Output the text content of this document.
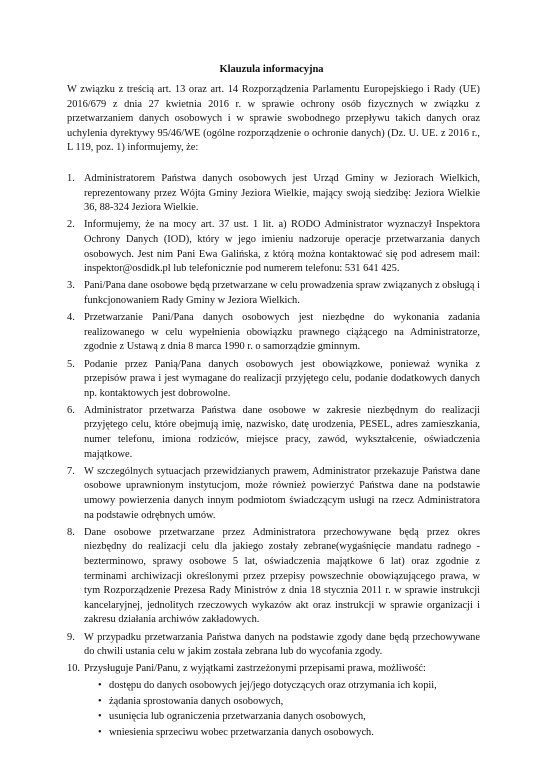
Klauzula informacyjna
W związku z treścią art. 13 oraz art. 14 Rozporządzenia Parlamentu Europejskiego i Rady (UE) 2016/679 z dnia 27 kwietnia 2016 r. w sprawie ochrony osób fizycznych w związku z przetwarzaniem danych osobowych i w sprawie swobodnego przepływu takich danych oraz uchylenia dyrektywy 95/46/WE (ogólne rozporządzenie o ochronie danych) (Dz. U. UE. z 2016 r., L 119, poz. 1) informujemy, że:
1. Administratorem Państwa danych osobowych jest Urząd Gminy w Jeziorach Wielkich, reprezentowany przez Wójta Gminy Jeziora Wielkie, mający swoją siedzibę: Jeziora Wielkie 36, 88-324 Jeziora Wielkie.
2. Informujemy, że na mocy art. 37 ust. 1 lit. a) RODO Administrator wyznaczył Inspektora Ochrony Danych (IOD), który w jego imieniu nadzoruje operacje przetwarzania danych osobowych. Jest nim Pani Ewa Galińska, z którą można kontaktować się pod adresem mail: inspektor@osdidk.pl lub telefonicznie pod numerem telefonu: 531 641 425.
3. Pani/Pana dane osobowe będą przetwarzane w celu prowadzenia spraw związanych z obsługą i funkcjonowaniem Rady Gminy w Jeziora Wielkich.
4. Przetwarzanie Pani/Pana danych osobowych jest niezbędne do wykonania zadania realizowanego w celu wypełnienia obowiązku prawnego ciążącego na Administratorze, zgodnie z Ustawą z dnia 8 marca 1990 r. o samorządzie gminnym.
5. Podanie przez Panią/Pana danych osobowych jest obowiązkowe, ponieważ wynika z przepisów prawa i jest wymagane do realizacji przyjętego celu, podanie dodatkowych danych np. kontaktowych jest dobrowolne.
6. Administrator przetwarza Państwa dane osobowe w zakresie niezbędnym do realizacji przyjętego celu, które obejmują imię, nazwisko, datę urodzenia, PESEL, adres zamieszkania, numer telefonu, imiona rodziców, miejsce pracy, zawód, wykształcenie, oświadczenia majątkowe.
7. W szczególnych sytuacjach przewidzianych prawem, Administrator przekazuje Państwa dane osobowe uprawnionym instytucjom, może również powierzyć Państwa dane na podstawie umowy powierzenia danych innym podmiotom świadczącym usługi na rzecz Administratora na podstawie odrębnych umów.
8. Dane osobowe przetwarzane przez Administratora przechowywane będą przez okres niezbędny do realizacji celu dla jakiego zostały zebrane(wygaśnięcie mandatu radnego -bezterminowo, sprawy osobowe 5 lat, oświadczenia majątkowe 6 lat) oraz zgodnie z terminami archiwizacji określonymi przez przepisy powszechnie obowiązującego prawa, w tym Rozporządzenie Prezesa Rady Ministrów z dnia 18 stycznia 2011 r. w sprawie instrukcji kancelaryjnej, jednolitych rzeczowych wykazów akt oraz instrukcji w sprawie organizacji i zakresu działania archiwów zakładowych.
9. W przypadku przetwarzania Państwa danych na podstawie zgody dane będą przechowywane do chwili ustania celu w jakim została zebrana lub do wycofania zgody.
10. Przysługuje Pani/Panu, z wyjątkami zastrzeżonymi przepisami prawa, możliwość:
• dostępu do danych osobowych jej/jego dotyczących oraz otrzymania ich kopii,
• żądania sprostowania danych osobowych,
• usunięcia lub ograniczenia przetwarzania danych osobowych,
• wniesienia sprzeciwu wobec przetwarzania danych osobowych.
